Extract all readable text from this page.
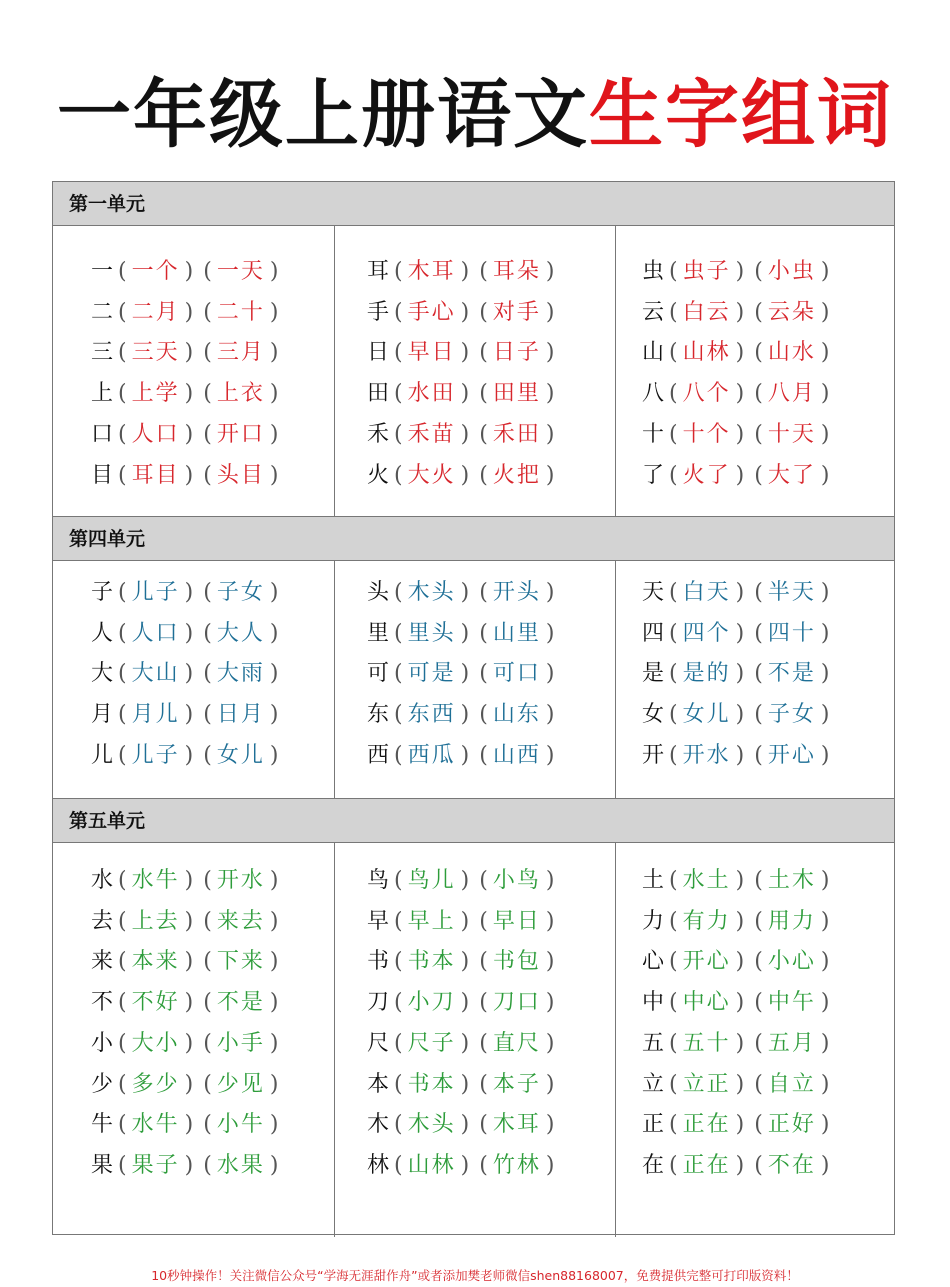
一年级上册语文生字组词
第一单元
一 ( 一个 ) ( 一天 )
二 ( 二月 ) ( 二十 )
三 ( 三天 ) ( 三月 )
上 ( 上学 ) ( 上衣 )
口 ( 人口 ) ( 开口 )
目 ( 耳目 ) ( 头目 )
耳 ( 木耳 ) ( 耳朵 )
手 ( 手心 ) ( 对手 )
日 ( 早日 ) ( 日子 )
田 ( 水田 ) ( 田里 )
禾 ( 禾苗 ) ( 禾田 )
火 ( 大火 ) ( 火把 )
虫 ( 虫子 ) ( 小虫 )
云 ( 白云 ) ( 云朵 )
山 ( 山林 ) ( 山水 )
八 ( 八个 ) ( 八月 )
十 ( 十个 ) ( 十天 )
了 ( 火了 ) ( 大了 )
第四单元
子 ( 儿子 ) ( 子女 )
人 ( 人口 ) ( 大人 )
大 ( 大山 ) ( 大雨 )
月 ( 月儿 ) ( 日月 )
儿 ( 儿子 ) ( 女儿 )
头 ( 木头 ) ( 开头 )
里 ( 里头 ) ( 山里 )
可 ( 可是 ) ( 可口 )
东 ( 东西 ) ( 山东 )
西 ( 西瓜 ) ( 山西 )
天 ( 白天 ) ( 半天 )
四 ( 四个 ) ( 四十 )
是 ( 是的 ) ( 不是 )
女 ( 女儿 ) ( 子女 )
开 ( 开水 ) ( 开心 )
第五单元
水 ( 水牛 ) ( 开水 )
去 ( 上去 ) ( 来去 )
来 ( 本来 ) ( 下来 )
不 ( 不好 ) ( 不是 )
小 ( 大小 ) ( 小手 )
少 ( 多少 ) ( 少见 )
牛 ( 水牛 ) ( 小牛 )
果 ( 果子 ) ( 水果 )
鸟 ( 鸟儿 ) ( 小鸟 )
早 ( 早上 ) ( 早日 )
书 ( 书本 ) ( 书包 )
刀 ( 小刀 ) ( 刀口 )
尺 ( 尺子 ) ( 直尺 )
本 ( 书本 ) ( 本子 )
木 ( 木头 ) ( 木耳 )
林 ( 山林 ) ( 竹林 )
土 ( 水土 ) ( 土木 )
力 ( 有力 ) ( 用力 )
心 ( 开心 ) ( 小心 )
中 ( 中心 ) ( 中午 )
五 ( 五十 ) ( 五月 )
立 ( 立正 ) ( 自立 )
正 ( 正在 ) ( 正好 )
在 ( 正在 ) ( 不在 )
10秒钟操作！关注微信公众号“学海无涯甜作舟”或者添加樊老师微信shen88168007，免费提供完整可打印版资料！
